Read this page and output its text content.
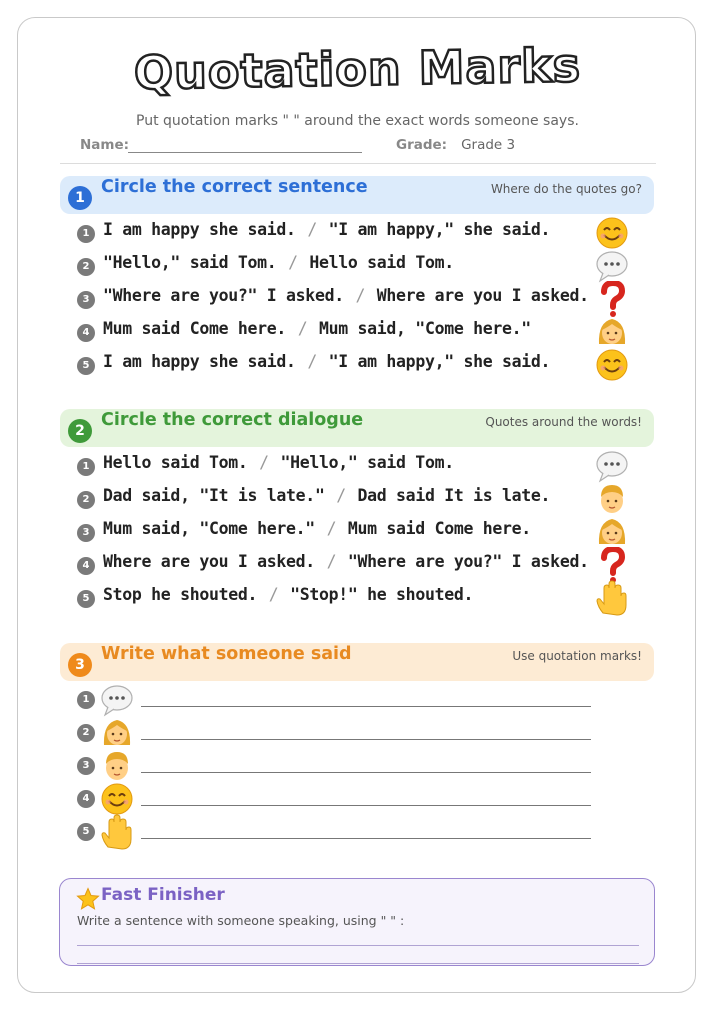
Quotation Marks
Put quotation marks " " around the exact words someone says.
Name:	Grade: Grade 3
1
Circle the correct sentence	Where do the quotes go?
1 I am happy she said. / "I am happy," she said.
2 "Hello," said Tom. / Hello said Tom.
3 "Where are you?" I asked. / Where are you I asked.
4 Mum said Come here. / Mum said, "Come here."
5 I am happy she said. / "I am happy," she said.
2
Circle the correct dialogue	Quotes around the words!
1 Hello said Tom. / "Hello," said Tom.
2 Dad said, "It is late." / Dad said It is late.
3 Mum said, "Come here." / Mum said Come here.
4 Where are you I asked. / "Where are you?" I asked.
5 Stop he shouted. / "Stop!" he shouted.
3
Write what someone said	Use quotation marks!
1
2
3
4
5
Fast Finisher
Write a sentence with someone speaking, using " " :
